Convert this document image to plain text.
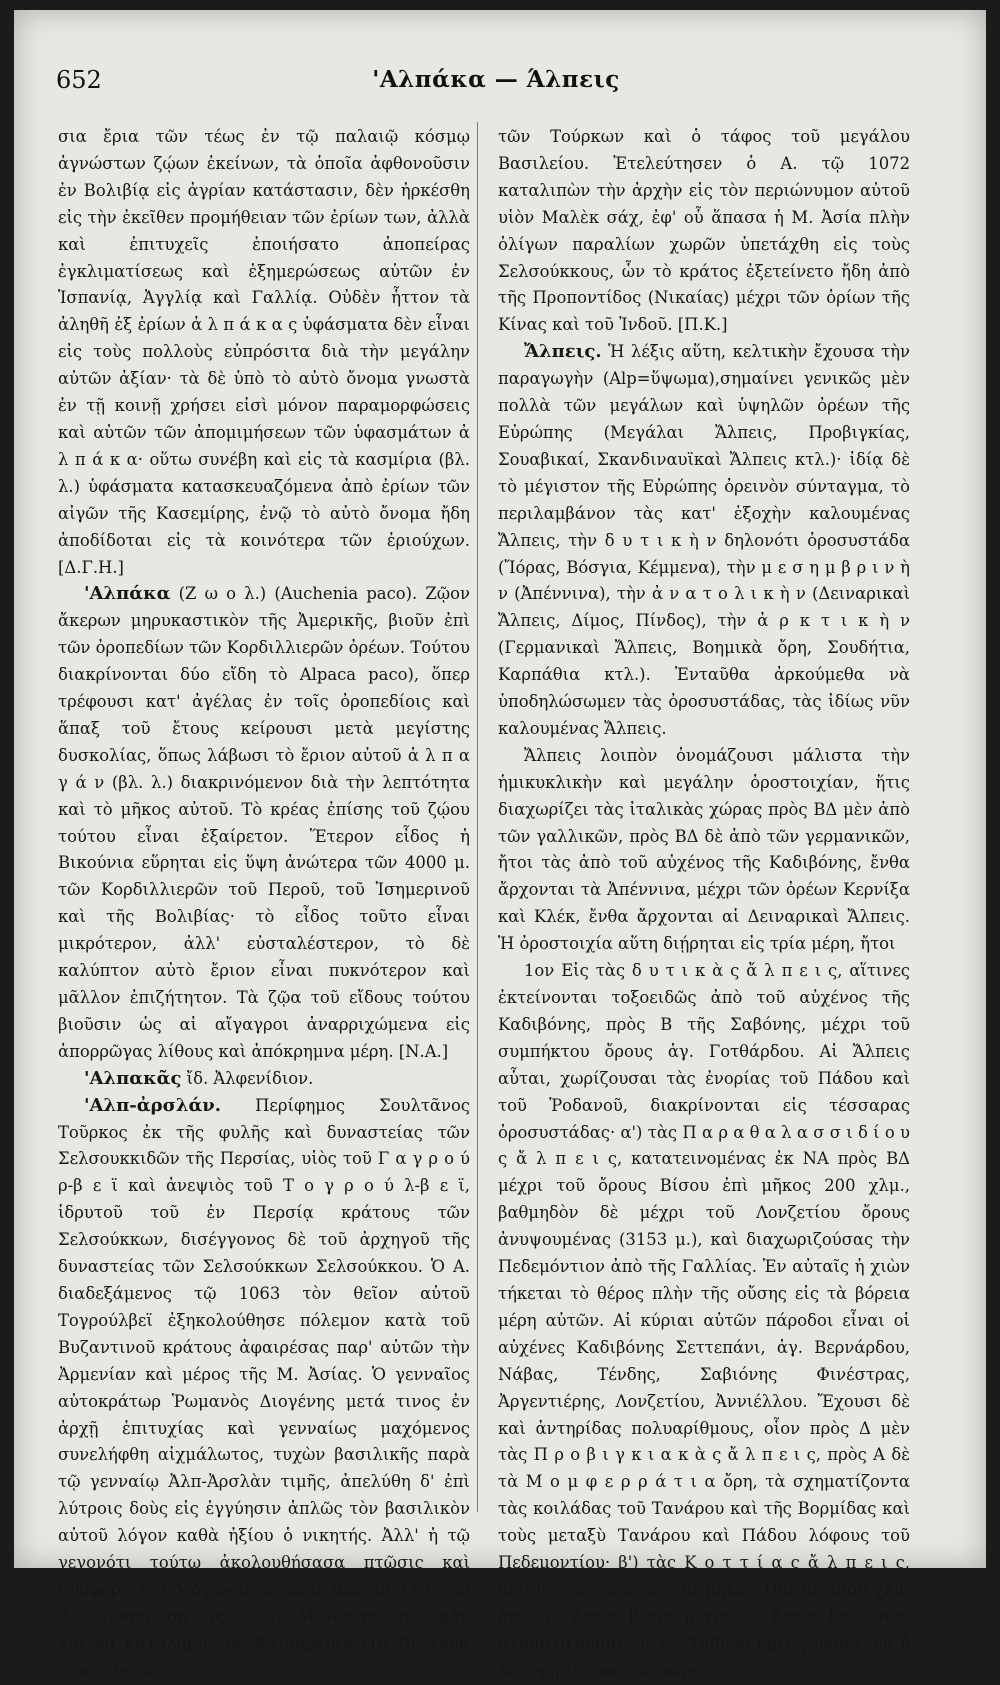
652	'Αλπάκα — Άλπεις

σια ἔρια τῶν τέως ἐν τῷ παλαιῷ κόσμῳ ἀγνώστων ζῴων ἐκείνων, τὰ ὁποῖα ἀφθονοῦσιν ἐν Βολιβίᾳ εἰς ἀγρίαν κατάστασιν, δὲν ἠρκέσθη εἰς τὴν ἐκεῖθεν προμήθειαν τῶν ἐρίων των, ἀλλὰ καὶ ἐπιτυχεῖς ἐποιήσατο ἀποπείρας ἐγκλιματίσεως καὶ ἐξημερώσεως αὐτῶν ἐν Ἱσπανίᾳ, Ἀγγλίᾳ καὶ Γαλλίᾳ. Οὐδὲν ἧττον τὰ ἀληθῆ ἐξ ἐρίων ἀ λ π ά κ α ς ὑφάσματα δὲν εἶναι εἰς τοὺς πολλοὺς εὐπρόσιτα διὰ τὴν μεγάλην αὐτῶν ἀξίαν· τὰ δὲ ὑπὸ τὸ αὐτὸ ὄνομα γνωστὰ ἐν τῇ κοινῇ χρήσει εἰσὶ μόνον παραμορφώσεις καὶ αὐτῶν τῶν ἀπομιμήσεων τῶν ὑφασμάτων ἀ λ π ά κ α· οὕτω συνέβη καὶ εἰς τὰ κασμίρια (βλ. λ.) ὑφάσματα κατασκευαζόμενα ἀπὸ ἐρίων τῶν αἰγῶν τῆς Κασεμίρης, ἐνῷ τὸ αὐτὸ ὄνομα ἤδη ἀποδίδοται εἰς τὰ κοινότερα τῶν ἐριούχων. [Δ.Γ.Η.]

'Αλπάκα (Ζ ω ο λ.) (Auchenia paco). Ζῷον ἄκερων μηρυκαστικὸν τῆς Ἀμερικῆς, βιοῦν ἐπὶ τῶν ὀροπεδίων τῶν Κορδιλλιερῶν ὀρέων. Τούτου διακρίνονται δύο εἴδη τὸ Alpaca paco), ὅπερ τρέφουσι κατ' ἀγέλας ἐν τοῖς ὀροπεδίοις καὶ ἅπαξ τοῦ ἔτους κείρουσι μετὰ μεγίστης δυσκολίας, ὅπως λάβωσι τὸ ἔριον αὐτοῦ ἀ λ π α γ ά ν (βλ. λ.) διακρινόμενον διὰ τὴν λεπτότητα καὶ τὸ μῆκος αὐτοῦ. Τὸ κρέας ἐπίσης τοῦ ζῴου τούτου εἶναι ἐξαίρετον. Ἕτερον εἶδος ἡ Βικούνια εὕρηται εἰς ὕψη ἀνώτερα τῶν 4000 μ. τῶν Κορδιλλιερῶν τοῦ Περοῦ, τοῦ Ἰσημερινοῦ καὶ τῆς Βολιβίας· τὸ εἶδος τοῦτο εἶναι μικρότερον, ἀλλ' εὐσταλέστερον, τὸ δὲ καλύπτον αὐτὸ ἔριον εἶναι πυκνότερον καὶ μᾶλλον ἐπιζήτητον. Τὰ ζῷα τοῦ εἴδους τούτου βιοῦσιν ὡς αἱ αἴγαγροι ἀναρριχώμενα εἰς ἀπορρῶγας λίθους καὶ ἀπόκρημνα μέρη. [Ν.Α.]

'Αλπακᾶς ἴδ. Ἀλφενίδιον.

'Αλπ-ἀρσλάν. Περίφημος Σουλτᾶνος Τοῦρκος ἐκ τῆς φυλῆς καὶ δυναστείας τῶν Σελσουκκιδῶν τῆς Περσίας, υἱὸς τοῦ Γ α γ ρ ο ύ ρ-β ε ϊ καὶ ἀνεψιὸς τοῦ Τ ο γ ρ ο ύ λ-β ε ϊ, ἱδρυτοῦ τοῦ ἐν Περσίᾳ κράτους τῶν Σελσούκκων, δισέγγονος δὲ τοῦ ἀρχηγοῦ τῆς δυναστείας τῶν Σελσούκκων Σελσούκκου. Ὁ Α. διαδεξάμενος τῷ 1063 τὸν θεῖον αὐτοῦ Τογρούλβεϊ ἐξηκολούθησε πόλεμον κατὰ τοῦ Βυζαντινοῦ κράτους ἀφαιρέσας παρ' αὐτῶν τὴν Ἀρμενίαν καὶ μέρος τῆς Μ. Ἀσίας. Ὁ γενναῖος αὐτοκράτωρ Ῥωμανὸς Διογένης μετά τινος ἐν ἀρχῇ ἐπιτυχίας καὶ γενναίως μαχόμενος συνελήφθη αἰχμάλωτος, τυχὼν βασιλικῆς παρὰ τῷ γενναίῳ Ἀλπ-Ἀρσλὰν τιμῆς, ἀπελύθη δ' ἐπὶ λύτροις δοὺς εἰς ἐγγύησιν ἁπλῶς τὸν βασιλικὸν αὐτοῦ λόγον καθὰ ἠξίου ὁ νικητής. Ἀλλ' ἡ τῷ γεγονότι τούτῳ ἀκολουθήσασα πτῶσις καὶ συμφορὰ τοῦ Διογένους ἔδωκαν ἀφορμὴν εἰς τὸν Α. ν' ἀνανεώσῃ τὰς εἰς τὴν Μ. Ἀσίαν ἐπιδρομὰς καὶ να καταλάβῃ τὴν Καισάρειαν (1070), ἔνθα ἐσυλήθη ὑπὸ

τῶν Τούρκων καὶ ὁ τάφος τοῦ μεγάλου Βασιλείου. Ἐτελεύτησεν ὁ Α. τῷ 1072 καταλιπὼν τὴν ἀρχὴν εἰς τὸν περιώνυμον αὐτοῦ υἱὸν Μαλὲκ σάχ, ἐφ' οὗ ἅπασα ἡ Μ. Ἀσία πλὴν ὀλίγων παραλίων χωρῶν ὑπετάχθη εἰς τοὺς Σελσούκκους, ὧν τὸ κράτος ἐξετείνετο ἤδη ἀπὸ τῆς Προποντίδος (Νικαίας) μέχρι τῶν ὁρίων τῆς Κίνας καὶ τοῦ Ἰνδοῦ. [Π.Κ.]

Ἄλπεις. Ἡ λέξις αὕτη, κελτικὴν ἔχουσα τὴν παραγωγὴν (Alp=ὕψωμα),σημαίνει γενικῶς μὲν πολλὰ τῶν μεγάλων καὶ ὑψηλῶν ὀρέων τῆς Εὐρώπης (Μεγάλαι Ἄλπεις, Προβιγκίας, Σουαβικαί, Σκανδιναυϊκαὶ Ἄλπεις κτλ.)· ἰδίᾳ δὲ τὸ μέγιστον τῆς Εὐρώπης ὀρεινὸν σύνταγμα, τὸ περιλαμβάνον τὰς κατ' ἐξοχὴν καλουμένας Ἄλπεις, τὴν δ υ τ ι κ ὴ ν δηλονότι ὀροσυστάδα (Ἴόρας, Βόσγια, Κέμμενα), τὴν μ ε σ η μ β ρ ι ν ὴ ν (Ἀπέννινα), τὴν ἀ ν α τ ο λ ι κ ὴ ν (Δειναρικαὶ Ἄλπεις, Δίμος, Πίνδος), τὴν ἀ ρ κ τ ι κ ὴ ν (Γερμανικαὶ Ἄλπεις, Βοημικὰ ὄρη, Σουδήτια, Καρπάθια κτλ.). Ἐνταῦθα ἀρκούμεθα νὰ ὑποδηλώσωμεν τὰς ὀροσυστάδας, τὰς ἰδίως νῦν καλουμένας Ἄλπεις.

Ἄλπεις λοιπὸν ὀνομάζουσι μάλιστα τὴν ἡμικυκλικὴν καὶ μεγάλην ὀροστοιχίαν, ἥτις διαχωρίζει τὰς ἰταλικὰς χώρας πρὸς ΒΔ μὲν ἀπὸ τῶν γαλλικῶν, πρὸς ΒΔ δὲ ἀπὸ τῶν γερμανικῶν, ἤτοι τὰς ἀπὸ τοῦ αὐχένος τῆς Καδιβόνης, ἔνθα ἄρχονται τὰ Ἀπέννινα, μέχρι τῶν ὀρέων Κερνίξα καὶ Κλέκ, ἔνθα ἄρχονται αἱ Δειναρικαὶ Ἄλπεις. Ἡ ὀροστοιχία αὕτη διῄρηται εἰς τρία μέρη, ἤτοι

1ον Εἰς τὰς δ υ τ ι κ ὰ ς ἄ λ π ε ι ς, αἵτινες ἐκτείνονται τοξοειδῶς ἀπὸ τοῦ αὐχένος τῆς Καδιβόνης, πρὸς Β τῆς Σαβόνης, μέχρι τοῦ συμπήκτου ὄρους ἁγ. Γοτθάρδου. Αἱ Ἄλπεις αὗται, χωρίζουσαι τὰς ἐνορίας τοῦ Πάδου καὶ τοῦ Ῥοδανοῦ, διακρίνονται εἰς τέσσαρας ὀροσυστάδας· α') τὰς Π α ρ α θ α λ α σ σ ι δ ί ο υ ς ἄ λ π ε ι ς, κατατεινομένας ἐκ ΝΑ πρὸς ΒΔ μέχρι τοῦ ὄρους Βίσου ἐπὶ μῆκος 200 χλμ., βαθμηδὸν δὲ μέχρι τοῦ Λονζετίου ὄρους ἀνυψουμένας (3153 μ.), καὶ διαχωριζούσας τὴν Πεδεμόντιον ἀπὸ τῆς Γαλλίας. Ἐν αὐταῖς ἡ χιὼν τήκεται τὸ θέρος πλὴν τῆς οὔσης εἰς τὰ βόρεια μέρη αὐτῶν. Αἱ κύριαι αὐτῶν πάροδοι εἶναι οἱ αὐχένες Καδιβόνης Σεττεπάνι, ἁγ. Βερνάρδου, Νάβας, Τένδης, Σαβιόνης Φινέστρας, Ἀργεντιέρης, Λονζετίου, Ἀννιέλλου. Ἔχουσι δὲ καὶ ἀντηρίδας πολυαρίθμους, οἷον πρὸς Δ μὲν τὰς Π ρ ο β ι γ κ ι α κ ὰ ς ἄ λ π ε ι ς, πρὸς Α δὲ τὰ Μ ο μ φ ε ρ ρ ά τ ι α ὄρη, τὰ σχηματίζοντα τὰς κοιλάδας τοῦ Τανάρου καὶ τῆς Βορμίδας καὶ τοὺς μεταξὺ Τανάρου καὶ Πάδου λόφους τοῦ Πεδεμοντίου· β') τὰς Κ ο τ τ ί α ς ἄ λ π ε ι ς, αἵτινες ἐκτείνονται ἐπὶ μῆκος 100 περίπου χλμ. ἀπὸ τοῦ ὄρους Βίσου μέχρι τοῦ ὄρους Καινίσου, σχηματίζουσαι ἐν τῷ Ταβούρ ὄρει γωνίαν, ἐν ᾗ κορυφῇ ἐκεῖναι ἐστραμ-
